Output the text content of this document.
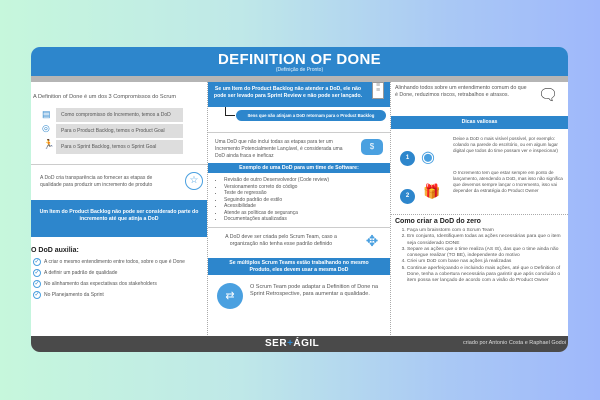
DEFINITION OF DONE

(Definição de Pronto)

A Definition of Done é um dos 3 Compromissos do Scrum

▤
◎
🏃
Como compromisso do Incremento, temos a DoD
Para o Product Backlog, temos o Product Goal
Para o Sprint Backlog, temos o Sprint Goal

A DoD cria transparência ao fornecer as etapas de qualidade para produzir um incremento de produto	☆
Um Item do Product Backlog não pode ser considerado parte do incremento até que atinja a DoD

O DoD auxilia:

✓ A criar o mesmo entendimento entre todos, sobre o que é Done
✓ A definir um padrão de qualidade
✓ No alinhamento das expectativas dos stakeholders
✓ No Planejamento da Sprint
Se um Item do Product Backlog não atender a DoD, ele não pode ser levado para Sprint Review e não pode ser lançado.
≡
≡
Itens que não atinjam a DoD retornam para o Product Backlog

Uma DoD que não inclui todas as etapas para ter um Incremento Potencialmente Lançável, é considerada uma DoD ainda fraca e ineficaz

$
Exemplo de uma DoD para um time de Software:
• Revisão de outro Desenvolvedor (Code review)
• Versionamento correto do código
• Teste de regressão
• Seguindo padrão de estilo
• Acessibilidade
• Atende as políticas de segurança
• Documentações atualizadas

A DoD deve ser criada pelo Scrum Team, caso a organização não tenha esse padrão definido	✥
Se múltiplos Scrum Teams estão trabalhando no mesmo Produto, eles devem usar a mesma DoD
⇄

O Scrum Team pode adaptar a Definition of Done na Sprint Retrospective, para aumentar a qualidade.

Alinhando todos sobre um entendimento comum do que é Done, reduzimos riscos, retrabalhos e atrasos.	🗨
Dicas valiosas
1 ◉

Deixe a DoD o mais visível possível, por exemplo: colando na parede do escritório, ou em algum lugar digital que todos do time possam ver e inspecionar)

2 🎁

O Incremento tem que estar sempre em ponto de lançamento, atendendo a DoD, mas isso não significa que devemos sempre lançar o Incremento, isso vai depender da estratégia do Product Owner

Como criar a DoD do zero

1. Faça um brainstorm com o Scrum Team
2. Em conjunto, Identifiquem todas as ações necessárias para que o item seja considerado DONE
3. Separe as ações que o time realiza (AS IS), das que o time ainda não consegue realizar (TO BE), independente do motivo
4. Criei um DoD com base nas ações já realizadas
5. Continue aperfeiçoando e incluindo mais ações, até que o Definition of Done, tenha a cobertura necessária para garintir que após concluído o item possa ser lançado de acordo com a visão do Product Owner
SER+ÁGIL	criado por Antonio Costa e Raphael Godoi
